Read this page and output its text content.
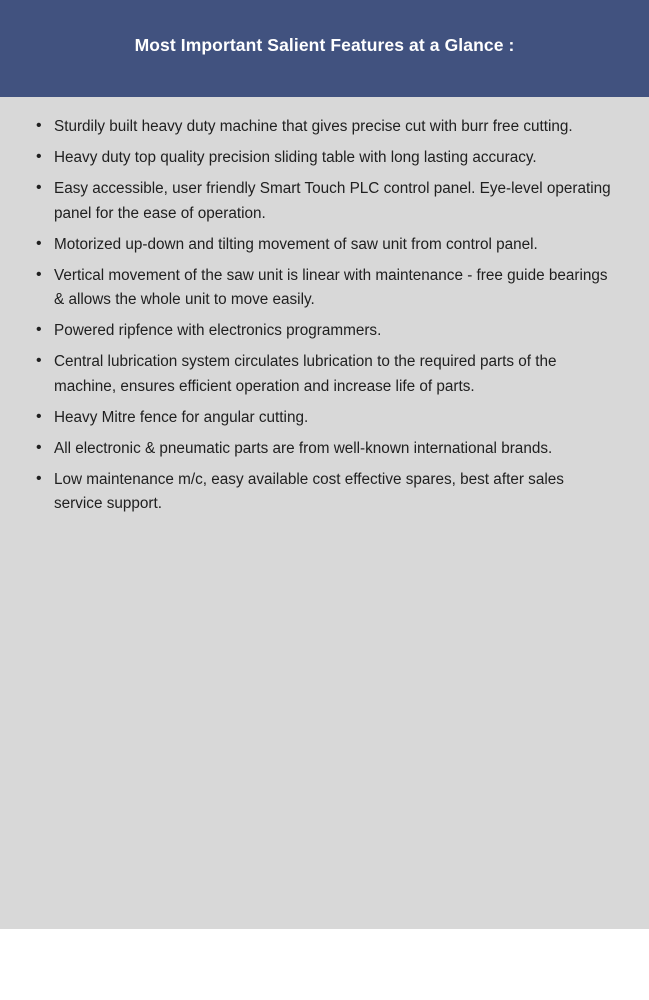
Most Important Salient Features at a Glance :
• Sturdily built heavy duty machine that gives precise cut with burr free cutting.
• Heavy duty top quality precision sliding table with long lasting accuracy.
• Easy accessible, user friendly Smart Touch PLC control panel. Eye-level operating panel for the ease of operation.
• Motorized up-down and tilting movement of saw unit from control panel.
• Vertical movement of the saw unit is linear with maintenance - free guide bearings & allows the whole unit to move easily.
• Powered ripfence with electronics programmers.
• Central lubrication system circulates lubrication to the required parts of the machine, ensures efficient operation and increase life of parts.
• Heavy Mitre fence for angular cutting.
• All electronic & pneumatic parts are from well-known international brands.
• Low maintenance m/c, easy available cost effective spares, best after sales service support.
